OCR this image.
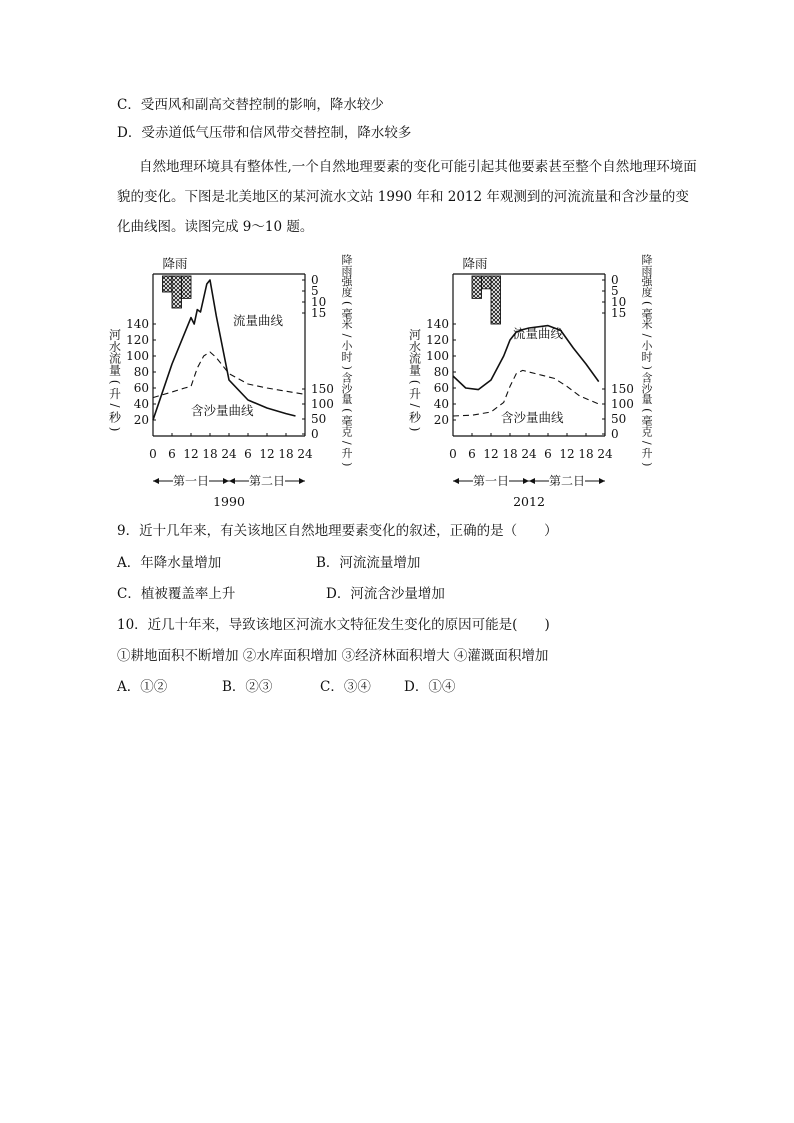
C．受西风和副高交替控制的影响，降水较少
D．受赤道低气压带和信风带交替控制，降水较多
自然地理环境具有整体性,一个自然地理要素的变化可能引起其他要素甚至整个自然地理环境面貌的变化。下图是北美地区的某河流水文站 1990 年和 2012 年观测到的河流流量和含沙量的变化曲线图。读图完成 9～10 题。
降雨
0 6 12 18 24 6 12 18 24
20
40
60
80
100
120
140
0
5
10
15
0
50
100
150
河
水
流
量
(
升
/
秒
)
降
雨
强
度
(
毫
米
/
小
时
)
含
沙
量
(
毫
克
/
升
)
流量曲线
含沙量曲线
第一日	第二日
1990
降雨
0 6 12 18 24 6 12 18 24
20
40
60
80
100
120
140
0
5
10
15
0
50
100
150
河
水
流
量
(
升
/
秒
)
降
雨
强
度
(
毫
米
/
小
时
)
含
沙
量
(
毫
克
/
升
)
流量曲线
含沙量曲线
第一日	第二日
2012
9．近十几年来，有关该地区自然地理要素变化的叙述，正确的是（　　）
A．年降水量增加	B．河流流量增加
C．植被覆盖率上升	D．河流含沙量增加
10．近几十年来，导致该地区河流水文特征发生变化的原因可能是(　　)
①耕地面积不断增加 ②水库面积增加 ③经济林面积增大 ④灌溉面积增加
A．①②	B．②③	C．③④ D．①④
